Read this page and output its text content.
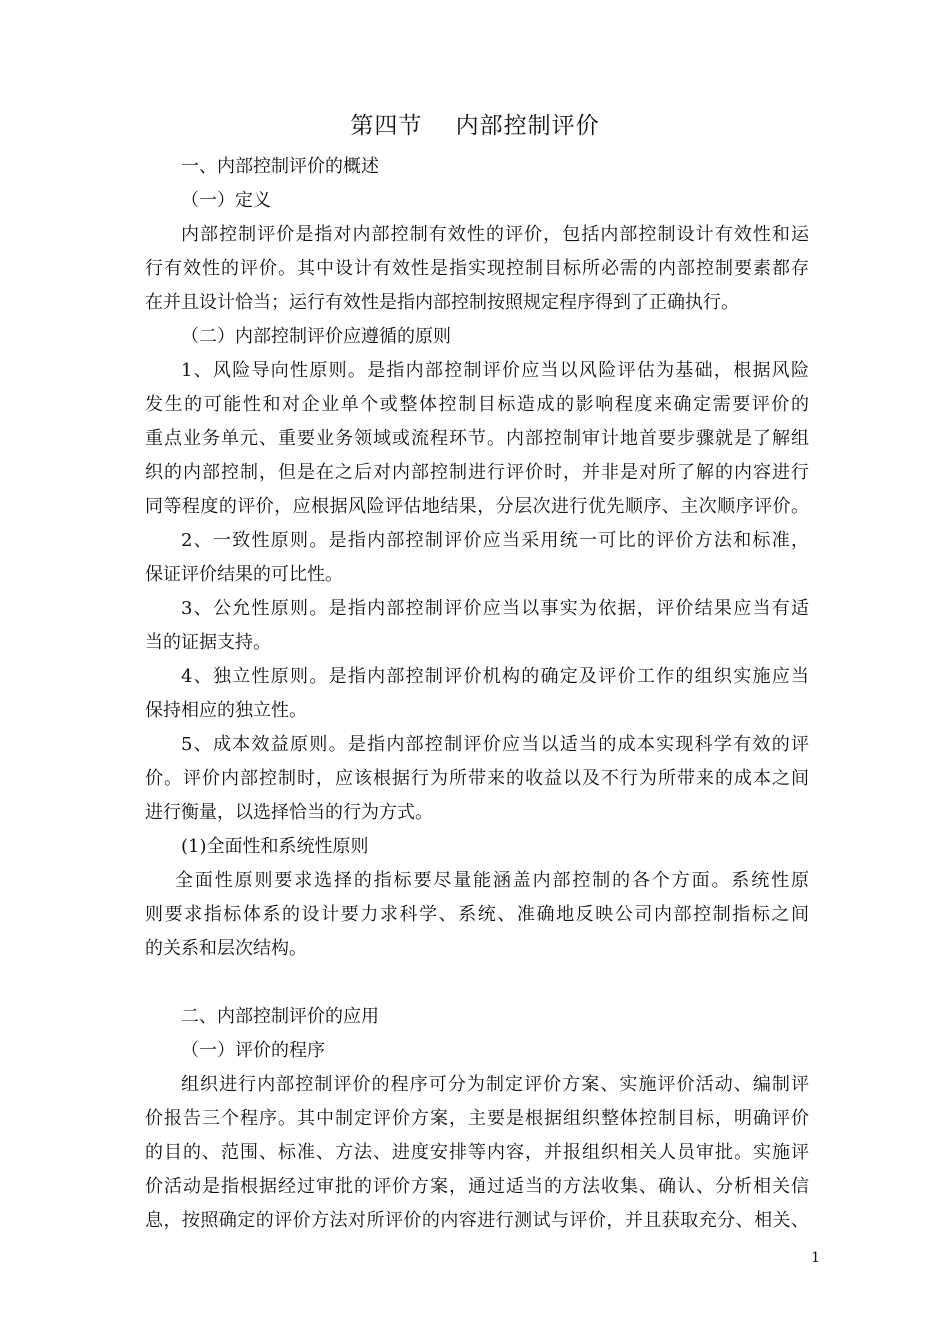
第四节    内部控制评价

一、内部控制评价的概述

（一）定义

内部控制评价是指对内部控制有效性的评价，包括内部控制设计有效性和运

行有效性的评价。其中设计有效性是指实现控制目标所必需的内部控制要素都存

在并且设计恰当；运行有效性是指内部控制按照规定程序得到了正确执行。

（二）内部控制评价应遵循的原则

1、风险导向性原则。是指内部控制评价应当以风险评估为基础，根据风险

发生的可能性和对企业单个或整体控制目标造成的影响程度来确定需要评价的

重点业务单元、重要业务领域或流程环节。内部控制审计地首要步骤就是了解组

织的内部控制，但是在之后对内部控制进行评价时，并非是对所了解的内容进行

同等程度的评价，应根据风险评估地结果，分层次进行优先顺序、主次顺序评价。

2、一致性原则。是指内部控制评价应当采用统一可比的评价方法和标准，

保证评价结果的可比性。

3、公允性原则。是指内部控制评价应当以事实为依据，评价结果应当有适

当的证据支持。

4、独立性原则。是指内部控制评价机构的确定及评价工作的组织实施应当

保持相应的独立性。

5、成本效益原则。是指内部控制评价应当以适当的成本实现科学有效的评

价。评价内部控制时，应该根据行为所带来的收益以及不行为所带来的成本之间

进行衡量，以选择恰当的行为方式。

(1)全面性和系统性原则

全面性原则要求选择的指标要尽量能涵盖内部控制的各个方面。系统性原

则要求指标体系的设计要力求科学、系统、准确地反映公司内部控制指标之间

的关系和层次结构。

二、内部控制评价的应用

（一）评价的程序

组织进行内部控制评价的程序可分为制定评价方案、实施评价活动、编制评

价报告三个程序。其中制定评价方案，主要是根据组织整体控制目标，明确评价

的目的、范围、标准、方法、进度安排等内容，并报组织相关人员审批。实施评

价活动是指根据经过审批的评价方案，通过适当的方法收集、确认、分析相关信

息，按照确定的评价方法对所评价的内容进行测试与评价，并且获取充分、相关、

1
